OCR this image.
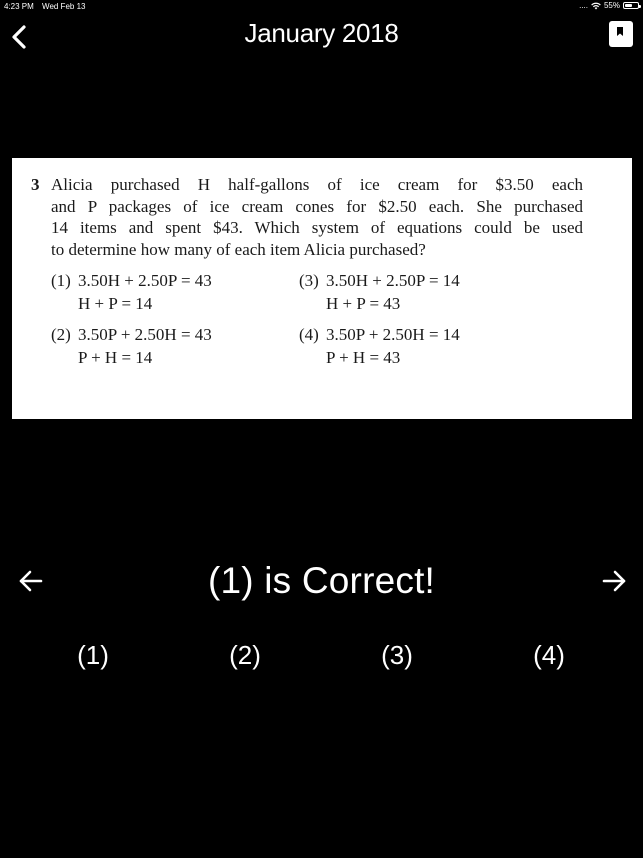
4:23 PM Wed Feb 13	.... 55%
January 2018
3 Alicia purchased H half-gallons of ice cream for $3.50 each
and P packages of ice cream cones for $2.50 each. She purchased
14 items and spent $43. Which system of equations could be used
to determine how many of each item Alicia purchased?
(1) 3.50H + 2.50P = 43
H + P = 14
(3) 3.50H + 2.50P = 14
H + P = 43
(2) 3.50P + 2.50H = 43
P + H = 14
(4) 3.50P + 2.50H = 14
P + H = 43
(1) is Correct!
(1)	(2)	(3)	(4)
